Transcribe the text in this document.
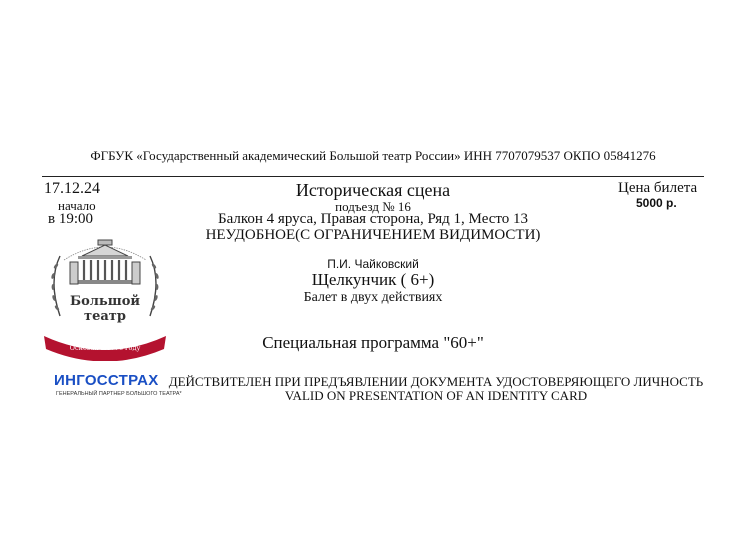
ФГБУК «Государственный академический Большой театр России» ИНН 7707079537 ОКПО 05841276
17.12.24
начало
в 19:00
Цена билета
5000 р.
Историческая сцена
подъезд № 16
Балкон 4 яруса, Правая сторона, Ряд 1, Место 13 НЕУДОБНОЕ(С ОГРАНИЧЕНИЕМ ВИДИМОСТИ)
П.И. Чайковский
Щелкунчик ( 6+)
Балет в двух действиях
Специальная программа "60+"
ДЕЙСТВИТЕЛЕН ПРИ ПРЕДЪЯВЛЕНИИ ДОКУМЕНТА УДОСТОВЕРЯЮЩЕГО ЛИЧНОСТЬ
VALID ON PRESENTATION OF AN IDENTITY CARD
Большой
театр
Основан в 1776 году
ИНГОССТРАХ
ГЕНЕРАЛЬНЫЙ ПАРТНЕР БОЛЬШОГО ТЕАТРА*
